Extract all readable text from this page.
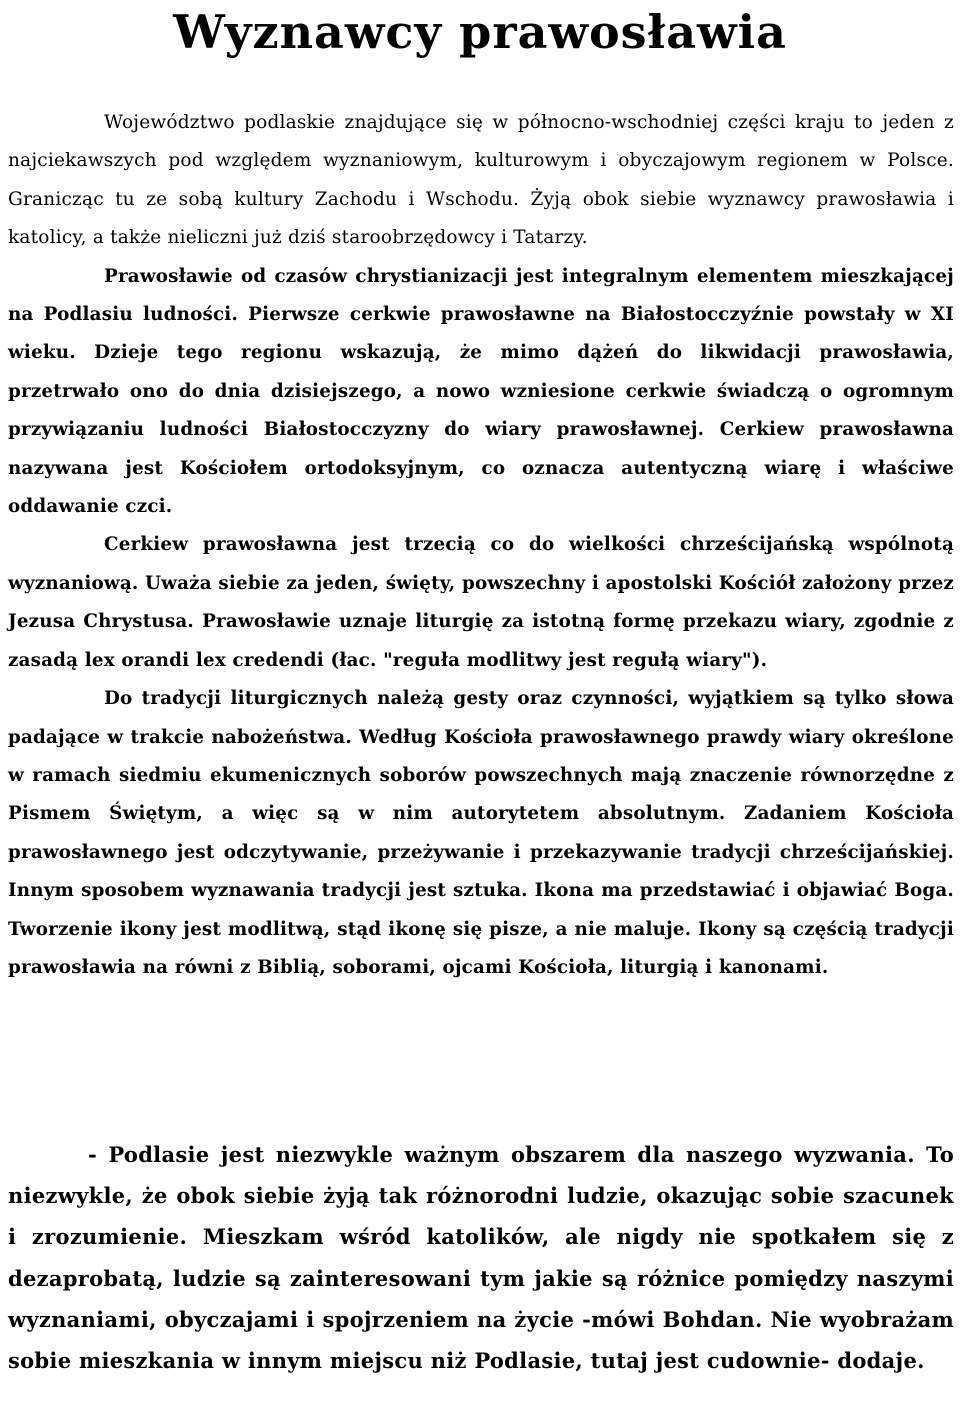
Wyznawcy prawosławia

Województwo podlaskie znajdujące się w północno-wschodniej części kraju to jeden z najciekawszych pod względem wyznaniowym, kulturowym i obyczajowym regionem w Polsce. Granicząc tu ze sobą kultury Zachodu i Wschodu. Żyją obok siebie wyznawcy prawosławia i katolicy, a także nieliczni już dziś staroobrzędowcy i Tatarzy.

Prawosławie od czasów chrystianizacji jest integralnym elementem mieszkającej na Podlasiu ludności. Pierwsze cerkwie prawosławne na Białostocczyźnie powstały w XI wieku. Dzieje tego regionu wskazują, że mimo dążeń do likwidacji prawosławia, przetrwało ono do dnia dzisiejszego, a nowo wzniesione cerkwie świadczą o ogromnym przywiązaniu ludności Białostocczyzny do wiary prawosławnej. Cerkiew prawosławna nazywana jest Kościołem ortodoksyjnym, co oznacza autentyczną wiarę i właściwe oddawanie czci.

Cerkiew prawosławna jest trzecią co do wielkości chrześcijańską wspólnotą wyznaniową. Uważa siebie za jeden, święty, powszechny i apostolski Kościół założony przez Jezusa Chrystusa. Prawosławie uznaje liturgię za istotną formę przekazu wiary, zgodnie z zasadą lex orandi lex credendi (łac. "reguła modlitwy jest regułą wiary").

Do tradycji liturgicznych należą gesty oraz czynności, wyjątkiem są tylko słowa padające w trakcie nabożeństwa. Według Kościoła prawosławnego prawdy wiary określone w ramach siedmiu ekumenicznych soborów powszechnych mają znaczenie równorzędne z Pismem Świętym, a więc są w nim autorytetem absolutnym. Zadaniem Kościoła prawosławnego jest odczytywanie, przeżywanie i przekazywanie tradycji chrześcijańskiej. Innym sposobem wyznawania tradycji jest sztuka. Ikona ma przedstawiać i objawiać Boga. Tworzenie ikony jest modlitwą, stąd ikonę się pisze, a nie maluje. Ikony są częścią tradycji prawosławia na równi z Biblią, soborami, ojcami Kościoła, liturgią i kanonami.

- Podlasie jest niezwykle ważnym obszarem dla naszego wyzwania. To niezwykle, że obok siebie żyją tak różnorodni ludzie, okazując sobie szacunek i zrozumienie. Mieszkam wśród katolików, ale nigdy nie spotkałem się z dezaprobatą, ludzie są zainteresowani tym jakie są różnice pomiędzy naszymi wyznaniami, obyczajami i spojrzeniem na życie -mówi Bohdan. Nie wyobrażam sobie mieszkania w innym miejscu niż Podlasie, tutaj jest cudownie- dodaje.
